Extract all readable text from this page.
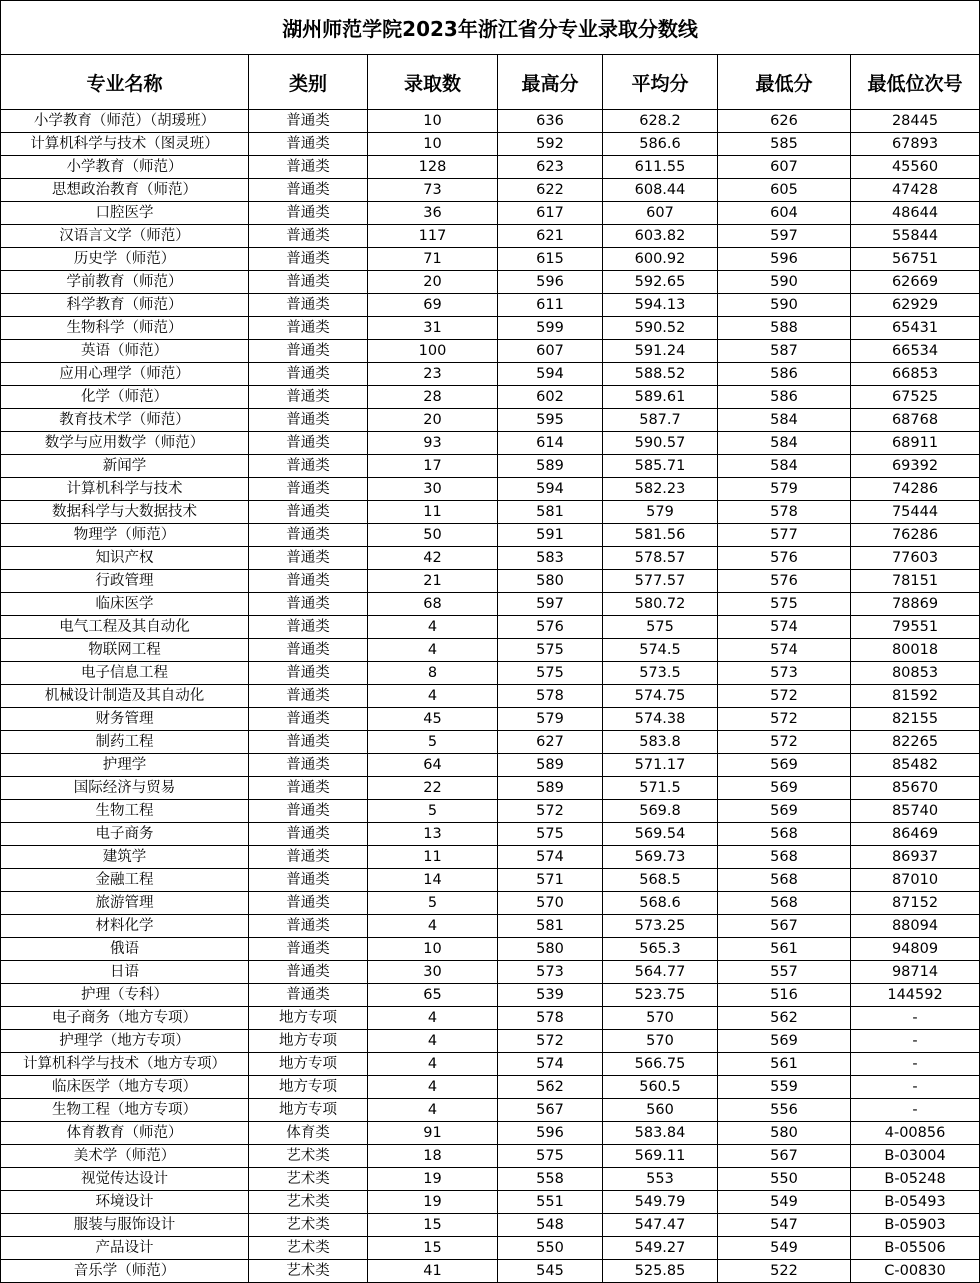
湖州师范学院2023年浙江省分专业录取分数线						
专业名称	类别	录取数	最高分	平均分	最低分	最低位次号
小学教育（师范）（胡瑗班）	普通类	10	636	628.2	626	28445
计算机科学与技术（图灵班）	普通类	10	592	586.6	585	67893
小学教育（师范）	普通类	128	623	611.55	607	45560
思想政治教育（师范）	普通类	73	622	608.44	605	47428
口腔医学	普通类	36	617	607	604	48644
汉语言文学（师范）	普通类	117	621	603.82	597	55844
历史学（师范）	普通类	71	615	600.92	596	56751
学前教育（师范）	普通类	20	596	592.65	590	62669
科学教育（师范）	普通类	69	611	594.13	590	62929
生物科学（师范）	普通类	31	599	590.52	588	65431
英语（师范）	普通类	100	607	591.24	587	66534
应用心理学（师范）	普通类	23	594	588.52	586	66853
化学（师范）	普通类	28	602	589.61	586	67525
教育技术学（师范）	普通类	20	595	587.7	584	68768
数学与应用数学（师范）	普通类	93	614	590.57	584	68911
新闻学	普通类	17	589	585.71	584	69392
计算机科学与技术	普通类	30	594	582.23	579	74286
数据科学与大数据技术	普通类	11	581	579	578	75444
物理学（师范）	普通类	50	591	581.56	577	76286
知识产权	普通类	42	583	578.57	576	77603
行政管理	普通类	21	580	577.57	576	78151
临床医学	普通类	68	597	580.72	575	78869
电气工程及其自动化	普通类	4	576	575	574	79551
物联网工程	普通类	4	575	574.5	574	80018
电子信息工程	普通类	8	575	573.5	573	80853
机械设计制造及其自动化	普通类	4	578	574.75	572	81592
财务管理	普通类	45	579	574.38	572	82155
制药工程	普通类	5	627	583.8	572	82265
护理学	普通类	64	589	571.17	569	85482
国际经济与贸易	普通类	22	589	571.5	569	85670
生物工程	普通类	5	572	569.8	569	85740
电子商务	普通类	13	575	569.54	568	86469
建筑学	普通类	11	574	569.73	568	86937
金融工程	普通类	14	571	568.5	568	87010
旅游管理	普通类	5	570	568.6	568	87152
材料化学	普通类	4	581	573.25	567	88094
俄语	普通类	10	580	565.3	561	94809
日语	普通类	30	573	564.77	557	98714
护理（专科）	普通类	65	539	523.75	516	144592
电子商务（地方专项）	地方专项	4	578	570	562	-
护理学（地方专项）	地方专项	4	572	570	569	-
计算机科学与技术（地方专项）	地方专项	4	574	566.75	561	-
临床医学（地方专项）	地方专项	4	562	560.5	559	-
生物工程（地方专项）	地方专项	4	567	560	556	-
体育教育（师范）	体育类	91	596	583.84	580	4-00856
美术学（师范）	艺术类	18	575	569.11	567	B-03004
视觉传达设计	艺术类	19	558	553	550	B-05248
环境设计	艺术类	19	551	549.79	549	B-05493
服装与服饰设计	艺术类	15	548	547.47	547	B-05903
产品设计	艺术类	15	550	549.27	549	B-05506
音乐学（师范）	艺术类	41	545	525.85	522	C-00830
